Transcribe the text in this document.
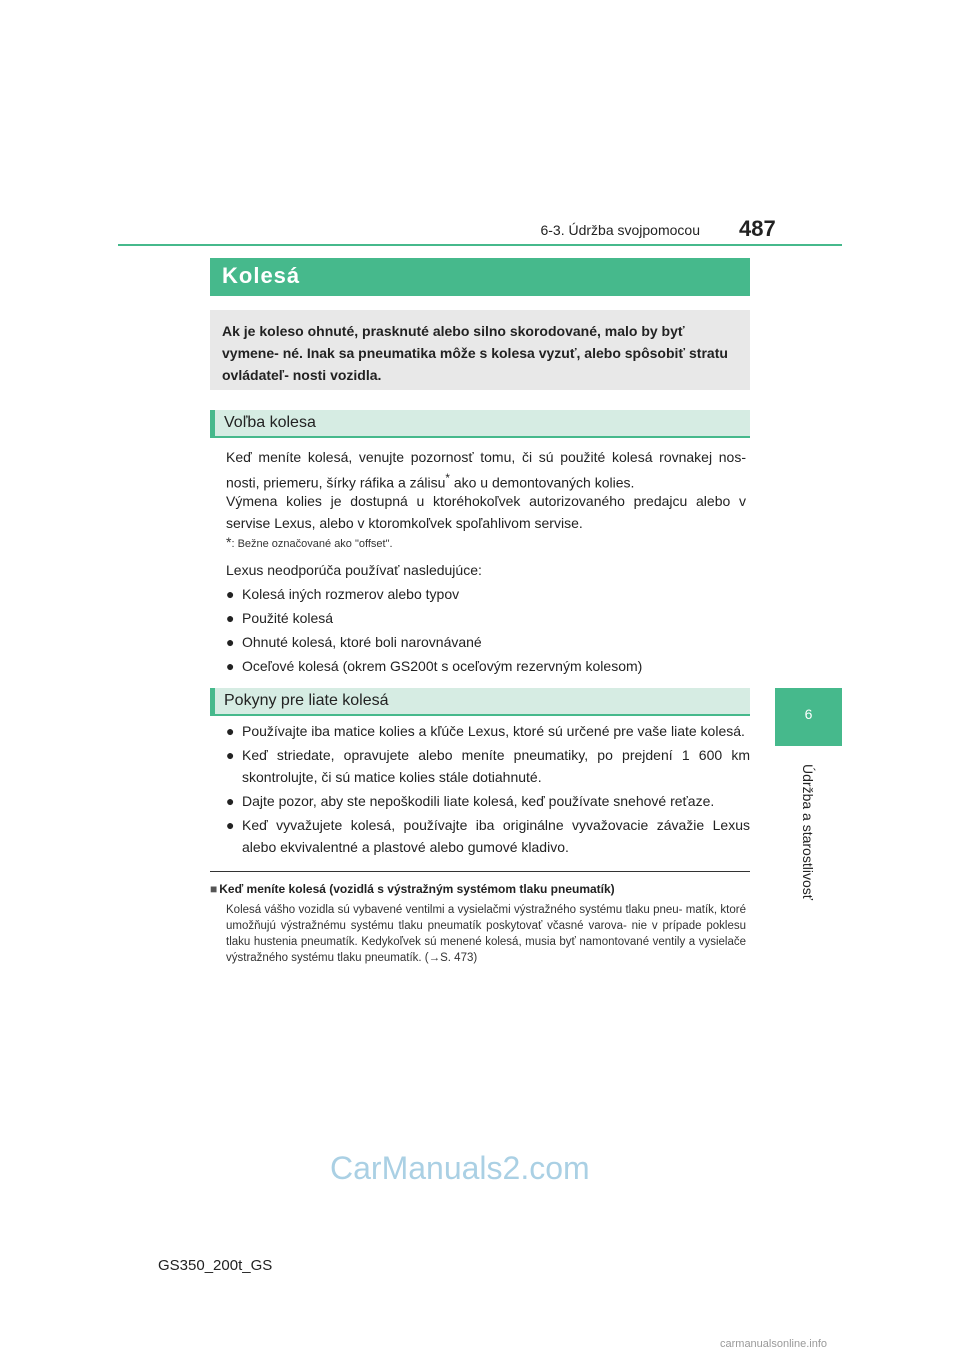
6-3. Údržba svojpomocou 487
6
Údržba a starostlivosť
Kolesá
Ak je koleso ohnuté, prasknuté alebo silno skorodované, malo by byť vymene- né. Inak sa pneumatika môže s kolesa vyzuť, alebo spôsobiť stratu ovládateľ- nosti vozidla.
Voľba kolesa
Keď meníte kolesá, venujte pozornosť tomu, či sú použité kolesá rovnakej nos- nosti, priemeru, šírky ráfika a zálisu* ako u demontovaných kolies.
Výmena kolies je dostupná u ktoréhokoľvek autorizovaného predajcu alebo v servise Lexus, alebo v ktoromkoľvek spoľahlivom servise.
*: Bežne označované ako "offset".
Lexus neodporúča používať nasledujúce:
● Kolesá iných rozmerov alebo typov
● Použité kolesá
● Ohnuté kolesá, ktoré boli narovnávané
● Oceľové kolesá (okrem GS200t s oceľovým rezervným kolesom)
Pokyny pre liate kolesá
● Používajte iba matice kolies a kľúče Lexus, ktoré sú určené pre vaše liate kolesá.
● Keď striedate, opravujete alebo meníte pneumatiky, po prejdení 1 600 km skontrolujte, či sú matice kolies stále dotiahnuté.
● Dajte pozor, aby ste nepoškodili liate kolesá, keď používate snehové reťaze.
● Keď vyvažujete kolesá, používajte iba originálne vyvažovacie závažie Lexus alebo ekvivalentné a plastové alebo gumové kladivo.
■ Keď meníte kolesá (vozidlá s výstražným systémom tlaku pneumatík)
Kolesá vášho vozidla sú vybavené ventilmi a vysielačmi výstražného systému tlaku pneu- matík, ktoré umožňujú výstražnému systému tlaku pneumatík poskytovať včasné varova- nie v prípade poklesu tlaku hustenia pneumatík. Kedykoľvek sú menené kolesá, musia byť namontované ventily a vysielače výstražného systému tlaku pneumatík. (→S. 473)
CarManuals2.com
GS350_200t_GS
carmanualsonline.info
